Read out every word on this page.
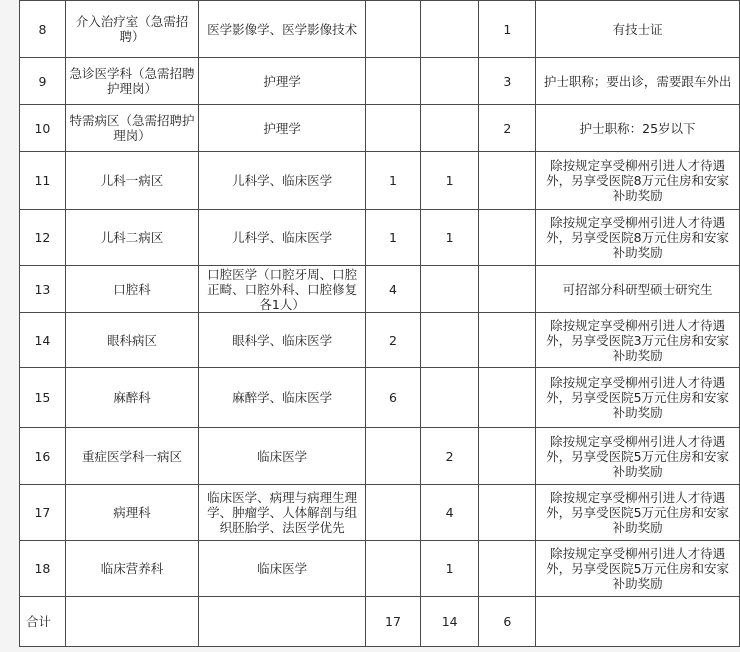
8	介入治疗室（急需招聘）	医学影像学、医学影像技术			1	有技士证
9	急诊医学科（急需招聘护理岗）	护理学			3	护士职称；要出诊，需要跟车外出
10	特需病区（急需招聘护理岗）	护理学			2	护士职称：25岁以下
11	儿科一病区	儿科学、临床医学	1	1		除按规定享受柳州引进人才待遇外，另享受医院8万元住房和安家补助奖励
12	儿科二病区	儿科学、临床医学	1	1		除按规定享受柳州引进人才待遇外，另享受医院8万元住房和安家补助奖励
13	口腔科	口腔医学（口腔牙周、口腔正畸、口腔外科、口腔修复各1人）	4			可招部分科研型硕士研究生
14	眼科病区	眼科学、临床医学	2			除按规定享受柳州引进人才待遇外，另享受医院3万元住房和安家补助奖励
15	麻醉科	麻醉学、临床医学	6			除按规定享受柳州引进人才待遇外，另享受医院5万元住房和安家补助奖励
16	重症医学科一病区	临床医学		2		除按规定享受柳州引进人才待遇外，另享受医院5万元住房和安家补助奖励
17	病理科	临床医学、病理与病理生理学、肿瘤学、人体解剖与组织胚胎学、法医学优先		4		除按规定享受柳州引进人才待遇外，另享受医院5万元住房和安家补助奖励
18	临床营养科	临床医学		1		除按规定享受柳州引进人才待遇外，另享受医院5万元住房和安家补助奖励
合计			17	14	6	
